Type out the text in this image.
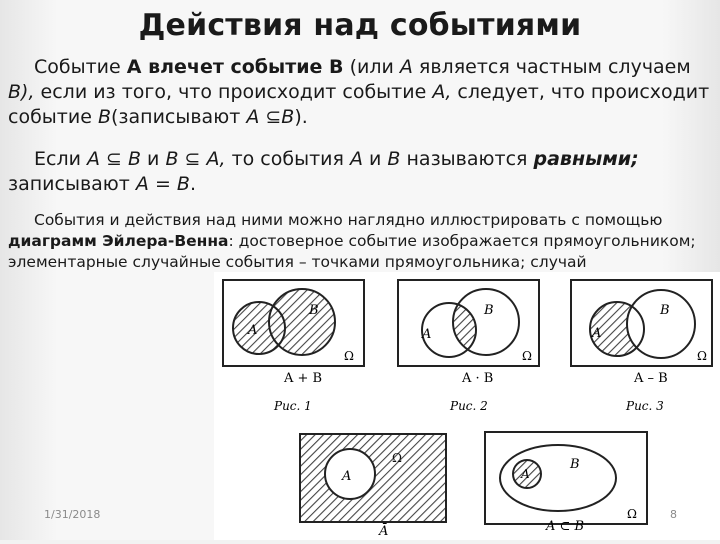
Действия над событиями
Событие А влечет событие В (или А является частным случаем В), если из того, что происходит событие А, следует, что происходит событие В(записывают А ⊆В).
Если А ⊆ В и В ⊆ А, то события А и В называются равными; записывают А = В.
События и действия над ними можно наглядно иллюстрировать с помощью диаграмм Эйлера-Венна: достоверное событие изображается прямоугольником; элементарные случайные события – точками прямоугольника; случай
A
B
Ω
A + B
Рис. 1
A
B
Ω
A · B
Рис. 2
A
B
Ω
A – B
Рис. 3
A
Ω
Ā
A
B
Ω
A ⊂ B
1/31/2018	8
